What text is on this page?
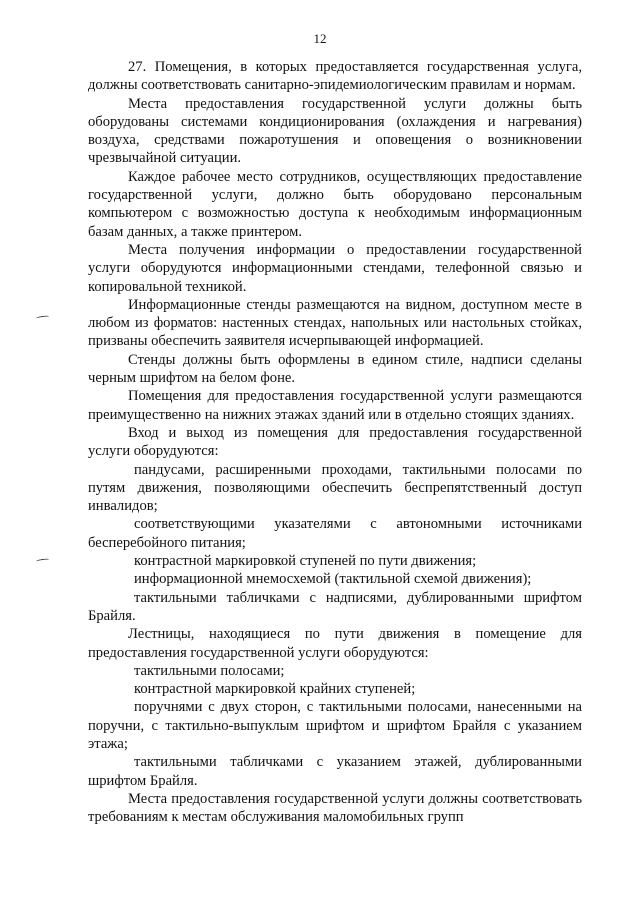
12

27. Помещения, в которых предоставляется государственная услуга, должны соответствовать санитарно-эпидемиологическим правилам и нормам.

Места предоставления государственной услуги должны быть оборудованы системами кондиционирования (охлаждения и нагревания) воздуха, средствами пожаротушения и оповещения о возникновении чрезвычайной ситуации.

Каждое рабочее место сотрудников, осуществляющих предоставление государственной услуги, должно быть оборудовано персональным компьютером с возможностью доступа к необходимым информационным базам данных, а также принтером.

Места получения информации о предоставлении государственной услуги оборудуются информационными стендами, телефонной связью и копировальной техникой.

Информационные стенды размещаются на видном, доступном месте в любом из форматов: настенных стендах, напольных или настольных стойках, призваны обеспечить заявителя исчерпывающей информацией.

Стенды должны быть оформлены в едином стиле, надписи сделаны черным шрифтом на белом фоне.

Помещения для предоставления государственной услуги размещаются преимущественно на нижних этажах зданий или в отдельно стоящих зданиях.

Вход и выход из помещения для предоставления государственной услуги оборудуются:

пандусами, расширенными проходами, тактильными полосами по путям движения, позволяющими обеспечить беспрепятственный доступ инвалидов;

соответствующими указателями с автономными источниками бесперебойного питания;

контрастной маркировкой ступеней по пути движения;

информационной мнемосхемой (тактильной схемой движения);

тактильными табличками с надписями, дублированными шрифтом Брайля.

Лестницы, находящиеся по пути движения в помещение для предоставления государственной услуги оборудуются:

тактильными полосами;

контрастной маркировкой крайних ступеней;

поручнями с двух сторон, с тактильными полосами, нанесенными на поручни, с тактильно-выпуклым шрифтом и шрифтом Брайля с указанием этажа;

тактильными табличками с указанием этажей, дублированными шрифтом Брайля.

Места предоставления государственной услуги должны соответствовать требованиям к местам обслуживания маломобильных групп
